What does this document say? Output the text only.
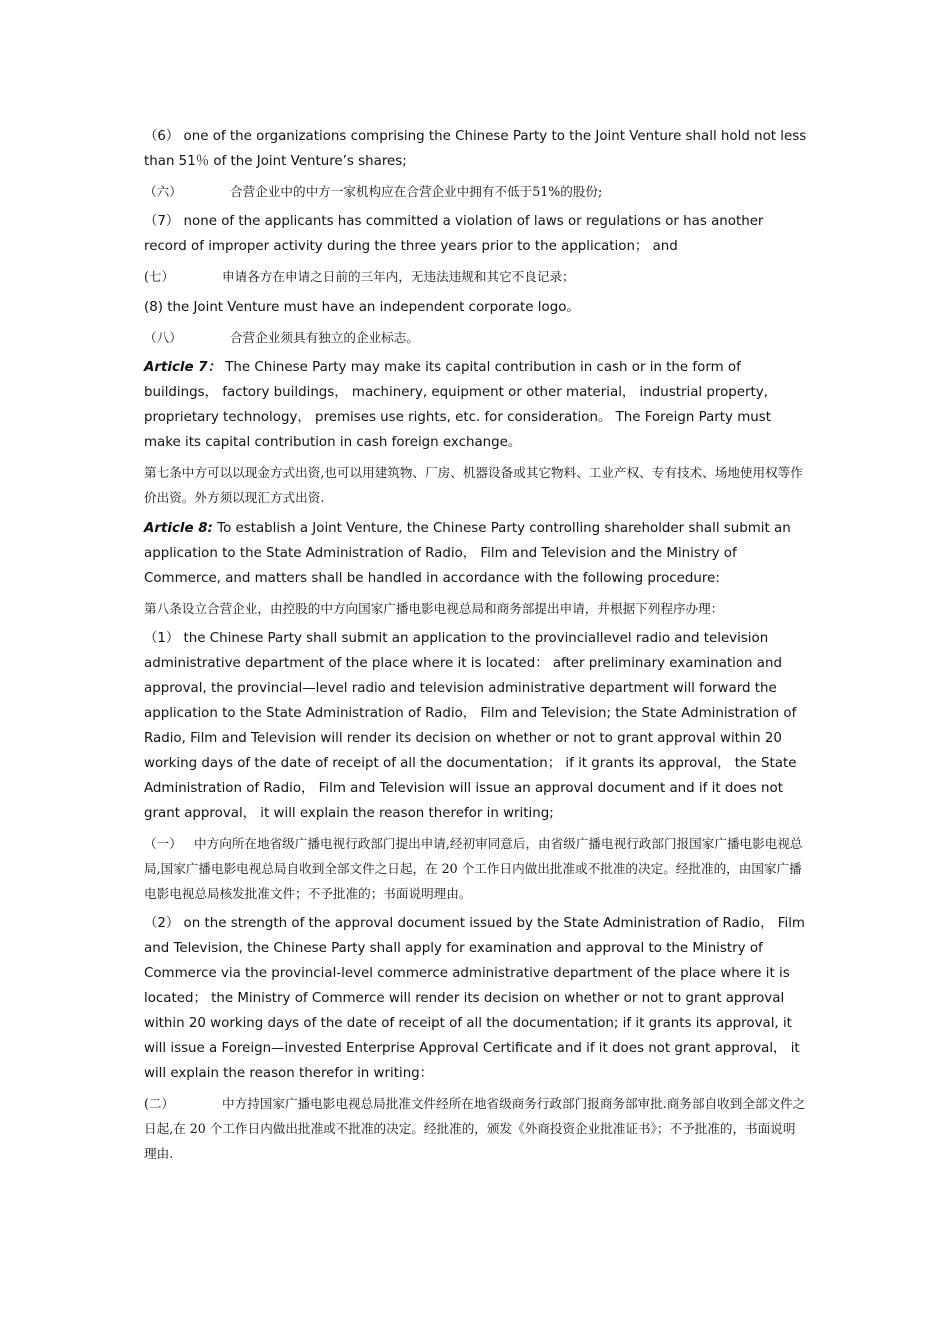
（6） one of the organizations comprising the Chinese Party to the Joint Venture shall hold not less than 51％ of the Joint Venture’s shares;

（六）	合营企业中的中方一家机构应在合营企业中拥有不低于51%的股份;

（7） none of the applicants has committed a violation of laws or regulations or has another record of improper activity during the three years prior to the application； and

(七）	申请各方在申请之日前的三年内，无违法违规和其它不良记录；

(8) the Joint Venture must have an independent corporate logo。

（八）	合营企业须具有独立的企业标志。

Article 7： The Chinese Party may make its capital contribution in cash or in the form of buildings， factory buildings， machinery, equipment or other material， industrial property, proprietary technology， premises use rights, etc. for consideration。 The Foreign Party must make its capital contribution in cash foreign exchange。

第七条中方可以以现金方式出资,也可以用建筑物、厂房、机器设备或其它物料、工业产权、专有技术、场地使用权等作价出资。外方须以现汇方式出资.

Article 8: To establish a Joint Venture, the Chinese Party controlling shareholder shall submit an application to the State Administration of Radio， Film and Television and the Ministry of Commerce, and matters shall be handled in accordance with the following procedure:

第八条设立合营企业，由控股的中方向国家广播电影电视总局和商务部提出申请，并根据下列程序办理：

（1） the Chinese Party shall submit an application to the provinciallevel radio and television administrative department of the place where it is located： after preliminary examination and approval, the provincial—level radio and television administrative department will forward the application to the State Administration of Radio， Film and Television; the State Administration of Radio, Film and Television will render its decision on whether or not to grant approval within 20 working days of the date of receipt of all the documentation； if it grants its approval， the State Administration of Radio， Film and Television will issue an approval document and if it does not grant approval， it will explain the reason therefor in writing;

（一） 中方向所在地省级广播电视行政部门提出申请,经初审同意后，由省级广播电视行政部门报国家广播电影电视总局,国家广播电影电视总局自收到全部文件之日起，在 20 个工作日内做出批准或不批准的决定。经批准的，由国家广播电影电视总局核发批准文件；不予批准的；书面说明理由。

（2） on the strength of the approval document issued by the State Administration of Radio， Film and Television, the Chinese Party shall apply for examination and approval to the Ministry of Commerce via the provincial-level commerce administrative department of the place where it is located； the Ministry of Commerce will render its decision on whether or not to grant approval within 20 working days of the date of receipt of all the documentation; if it grants its approval, it will issue a Foreign—invested Enterprise Approval Certificate and if it does not grant approval， it will explain the reason therefor in writing：

(二）	中方持国家广播电影电视总局批准文件经所在地省级商务行政部门报商务部审批.商务部自收到全部文件之日起,在 20 个工作日内做出批准或不批准的决定。经批准的，颁发《外商投资企业批准证书》；不予批准的，书面说明理由.
